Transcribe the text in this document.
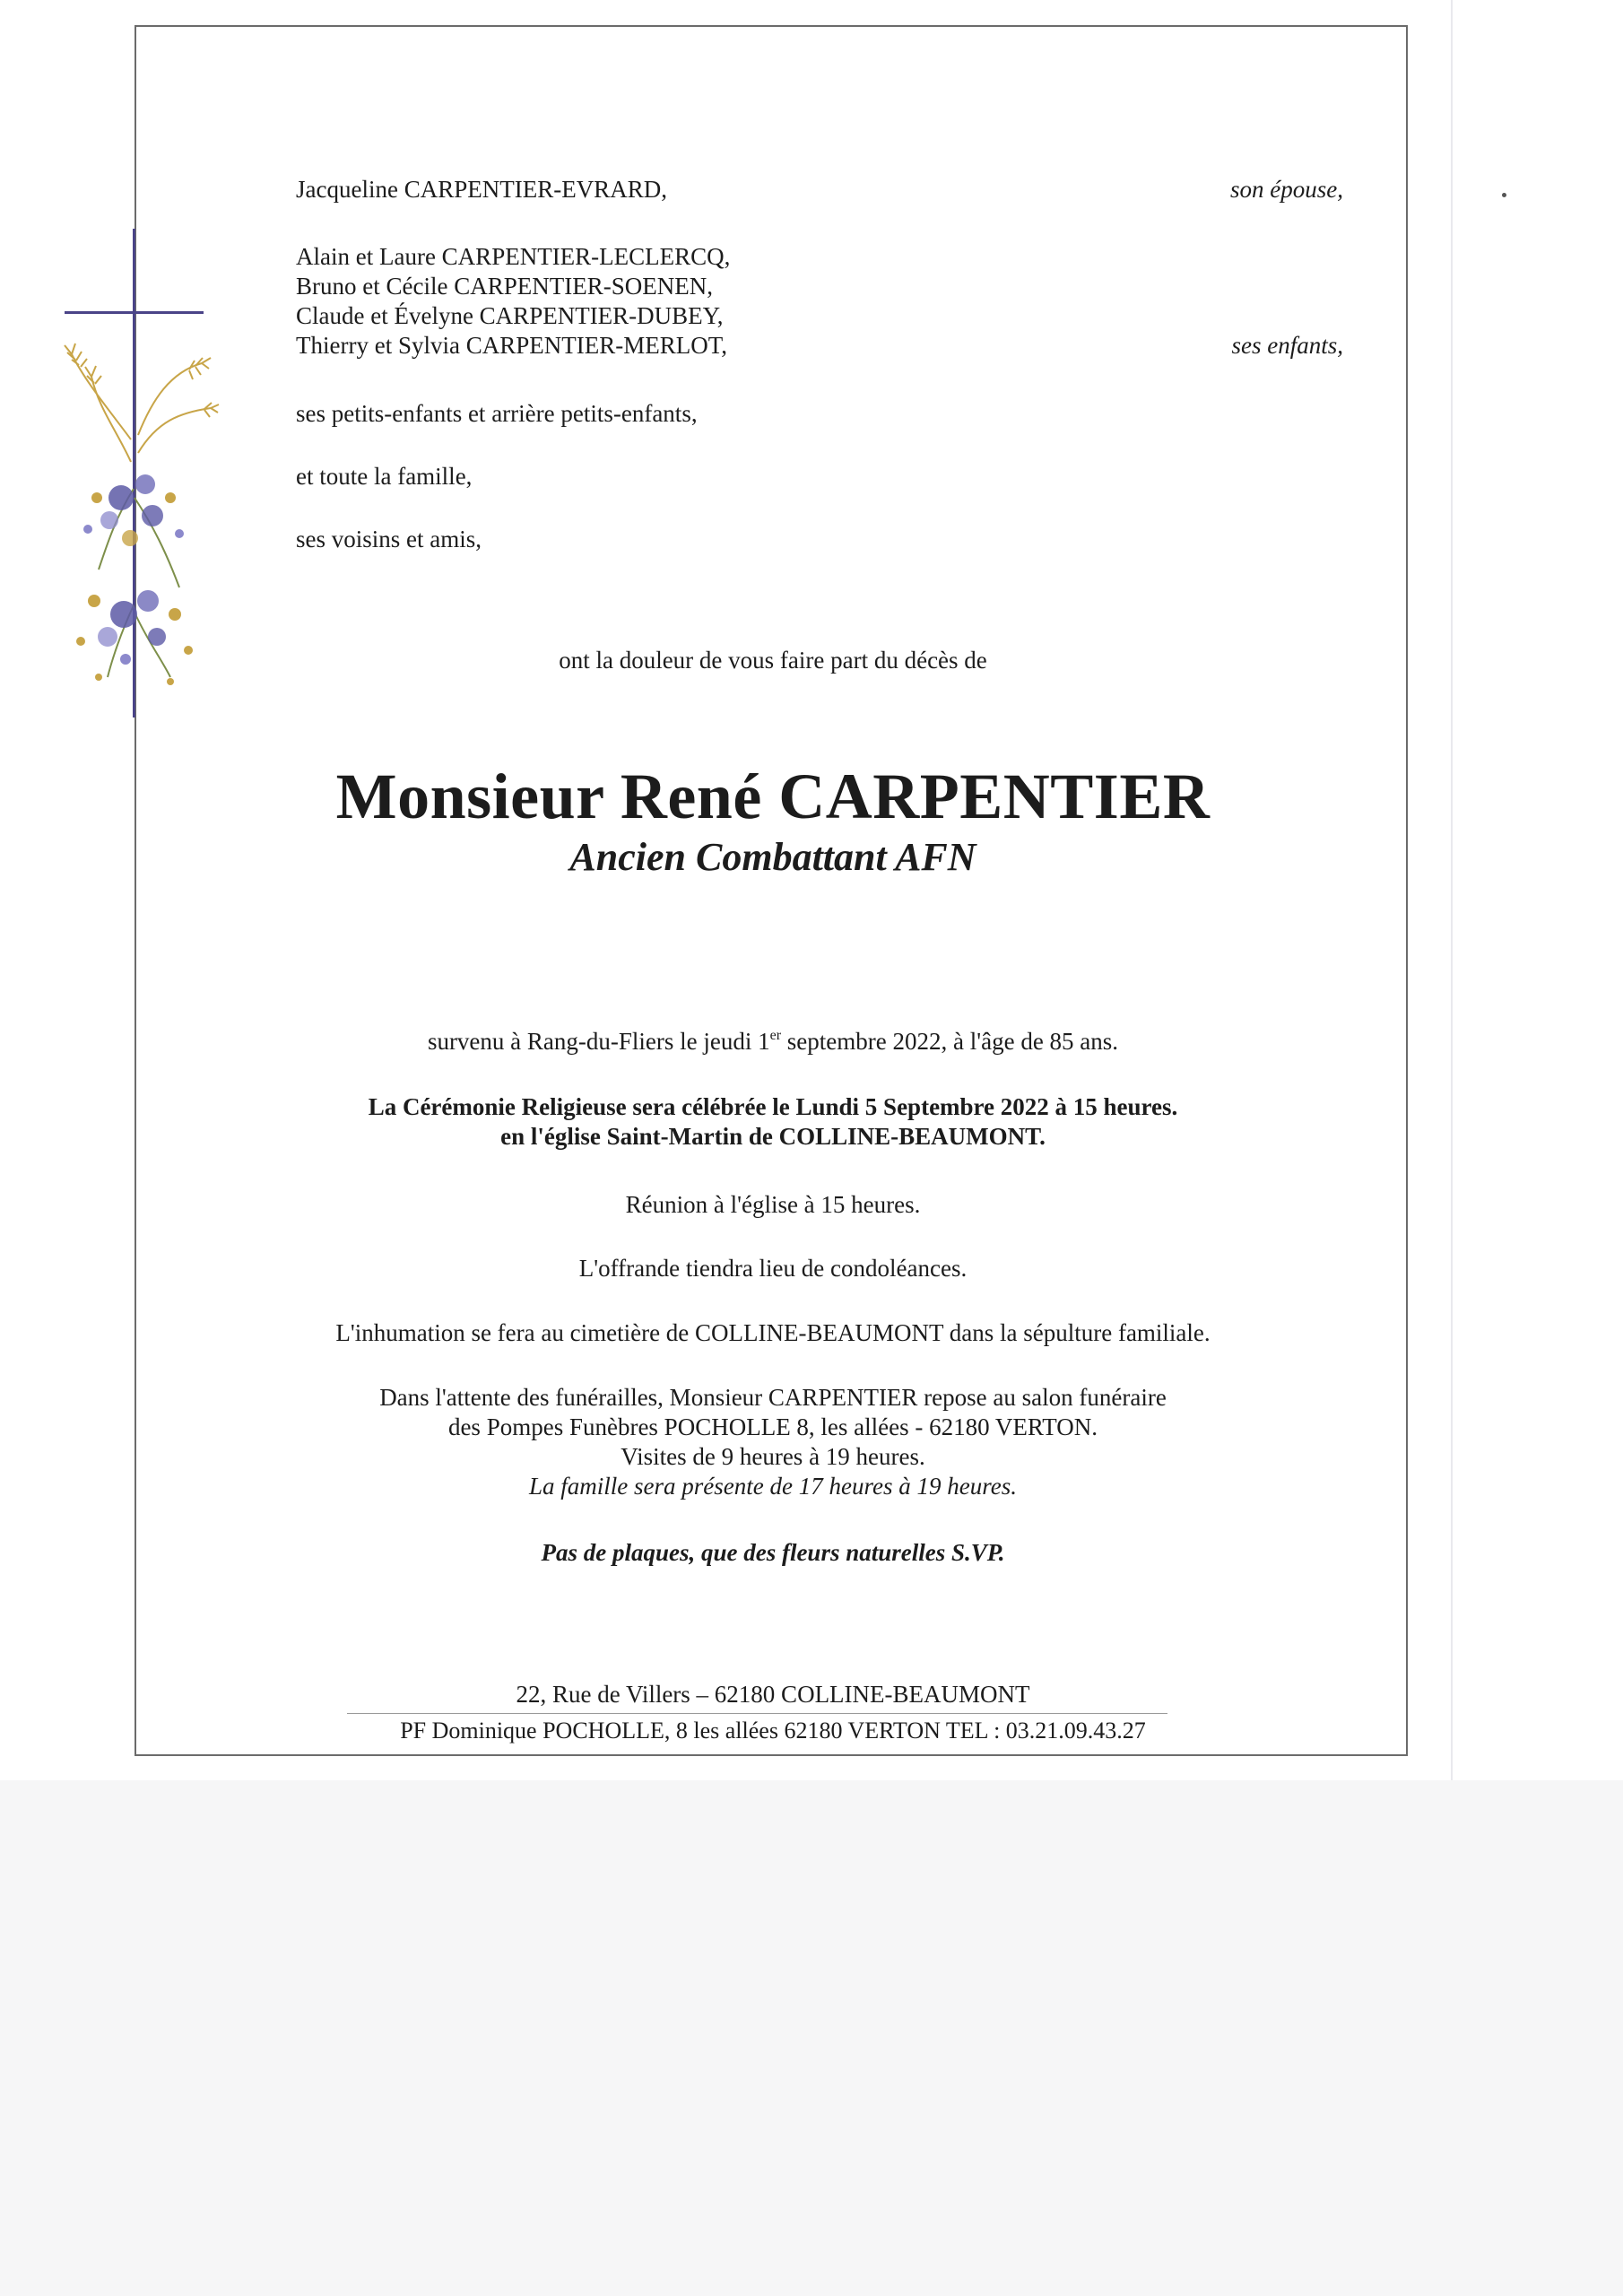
Jacqueline CARPENTIER-EVRARD,	son épouse,
Alain et Laure CARPENTIER-LECLERCQ,
Bruno et Cécile CARPENTIER-SOENEN,
Claude et Évelyne CARPENTIER-DUBEY,
Thierry et Sylvia CARPENTIER-MERLOT,	ses enfants,
ses petits-enfants et arrière petits-enfants,
et toute la famille,
ses voisins et amis,
ont la douleur de vous faire part du décès de
Monsieur René CARPENTIER
Ancien Combattant AFN
survenu à Rang-du-Fliers le jeudi 1er septembre 2022, à l'âge de 85 ans.
La Cérémonie Religieuse sera célébrée le Lundi 5 Septembre 2022 à 15 heures.
en l'église Saint-Martin de COLLINE-BEAUMONT.
Réunion à l'église à 15 heures.
L'offrande tiendra lieu de condoléances.
L'inhumation se fera au cimetière de COLLINE-BEAUMONT dans la sépulture familiale.
Dans l'attente des funérailles, Monsieur CARPENTIER repose au salon funéraire
des Pompes Funèbres POCHOLLE 8, les allées - 62180 VERTON.
Visites de 9 heures à 19 heures.
La famille sera présente de 17 heures à 19 heures.
Pas de plaques, que des fleurs naturelles S.VP.
22, Rue de Villers – 62180 COLLINE-BEAUMONT
PF Dominique POCHOLLE, 8 les allées 62180 VERTON TEL : 03.21.09.43.27
